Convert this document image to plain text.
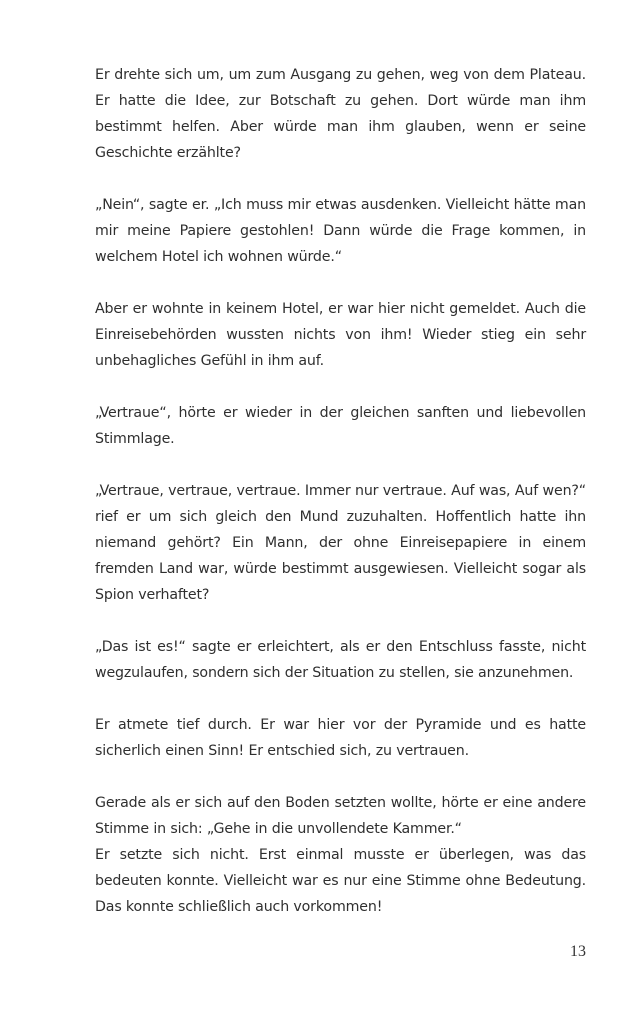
Er drehte sich um, um zum Ausgang zu gehen, weg von dem Plateau. Er hatte die Idee, zur Botschaft zu gehen. Dort würde man ihm bestimmt helfen. Aber würde man ihm glauben, wenn er seine Geschichte erzählte?

„Nein“, sagte er. „Ich muss mir etwas ausdenken. Vielleicht hätte man mir meine Papiere gestohlen! Dann würde die Frage kommen, in welchem Hotel ich wohnen würde.“

Aber er wohnte in keinem Hotel, er war hier nicht gemeldet. Auch die Einreisebehörden wussten nichts von ihm! Wieder stieg ein sehr unbehagliches Gefühl in ihm auf.

„Vertraue“, hörte er wieder in der gleichen sanften und liebevollen Stimmlage.

„Vertraue, vertraue, vertraue. Immer nur vertraue. Auf was, Auf wen?“ rief er um sich gleich den Mund zuzuhalten. Hoffentlich hatte ihn niemand gehört? Ein Mann, der ohne Einreisepapiere in einem fremden Land war, würde bestimmt ausgewiesen. Vielleicht sogar als Spion verhaftet?

„Das ist es!“ sagte er erleichtert, als er den Entschluss fasste, nicht wegzulaufen, sondern sich der Situation zu stellen, sie anzunehmen.

Er atmete tief durch. Er war hier vor der Pyramide und es hatte sicherlich einen Sinn! Er entschied sich, zu vertrauen.

Gerade als er sich auf den Boden setzten wollte, hörte er eine andere Stimme in sich: „Gehe in die unvollendete Kammer.“

Er setzte sich nicht. Erst einmal musste er überlegen, was das bedeuten konnte. Vielleicht war es nur eine Stimme ohne Bedeutung. Das konnte schließlich auch vorkommen!

13
